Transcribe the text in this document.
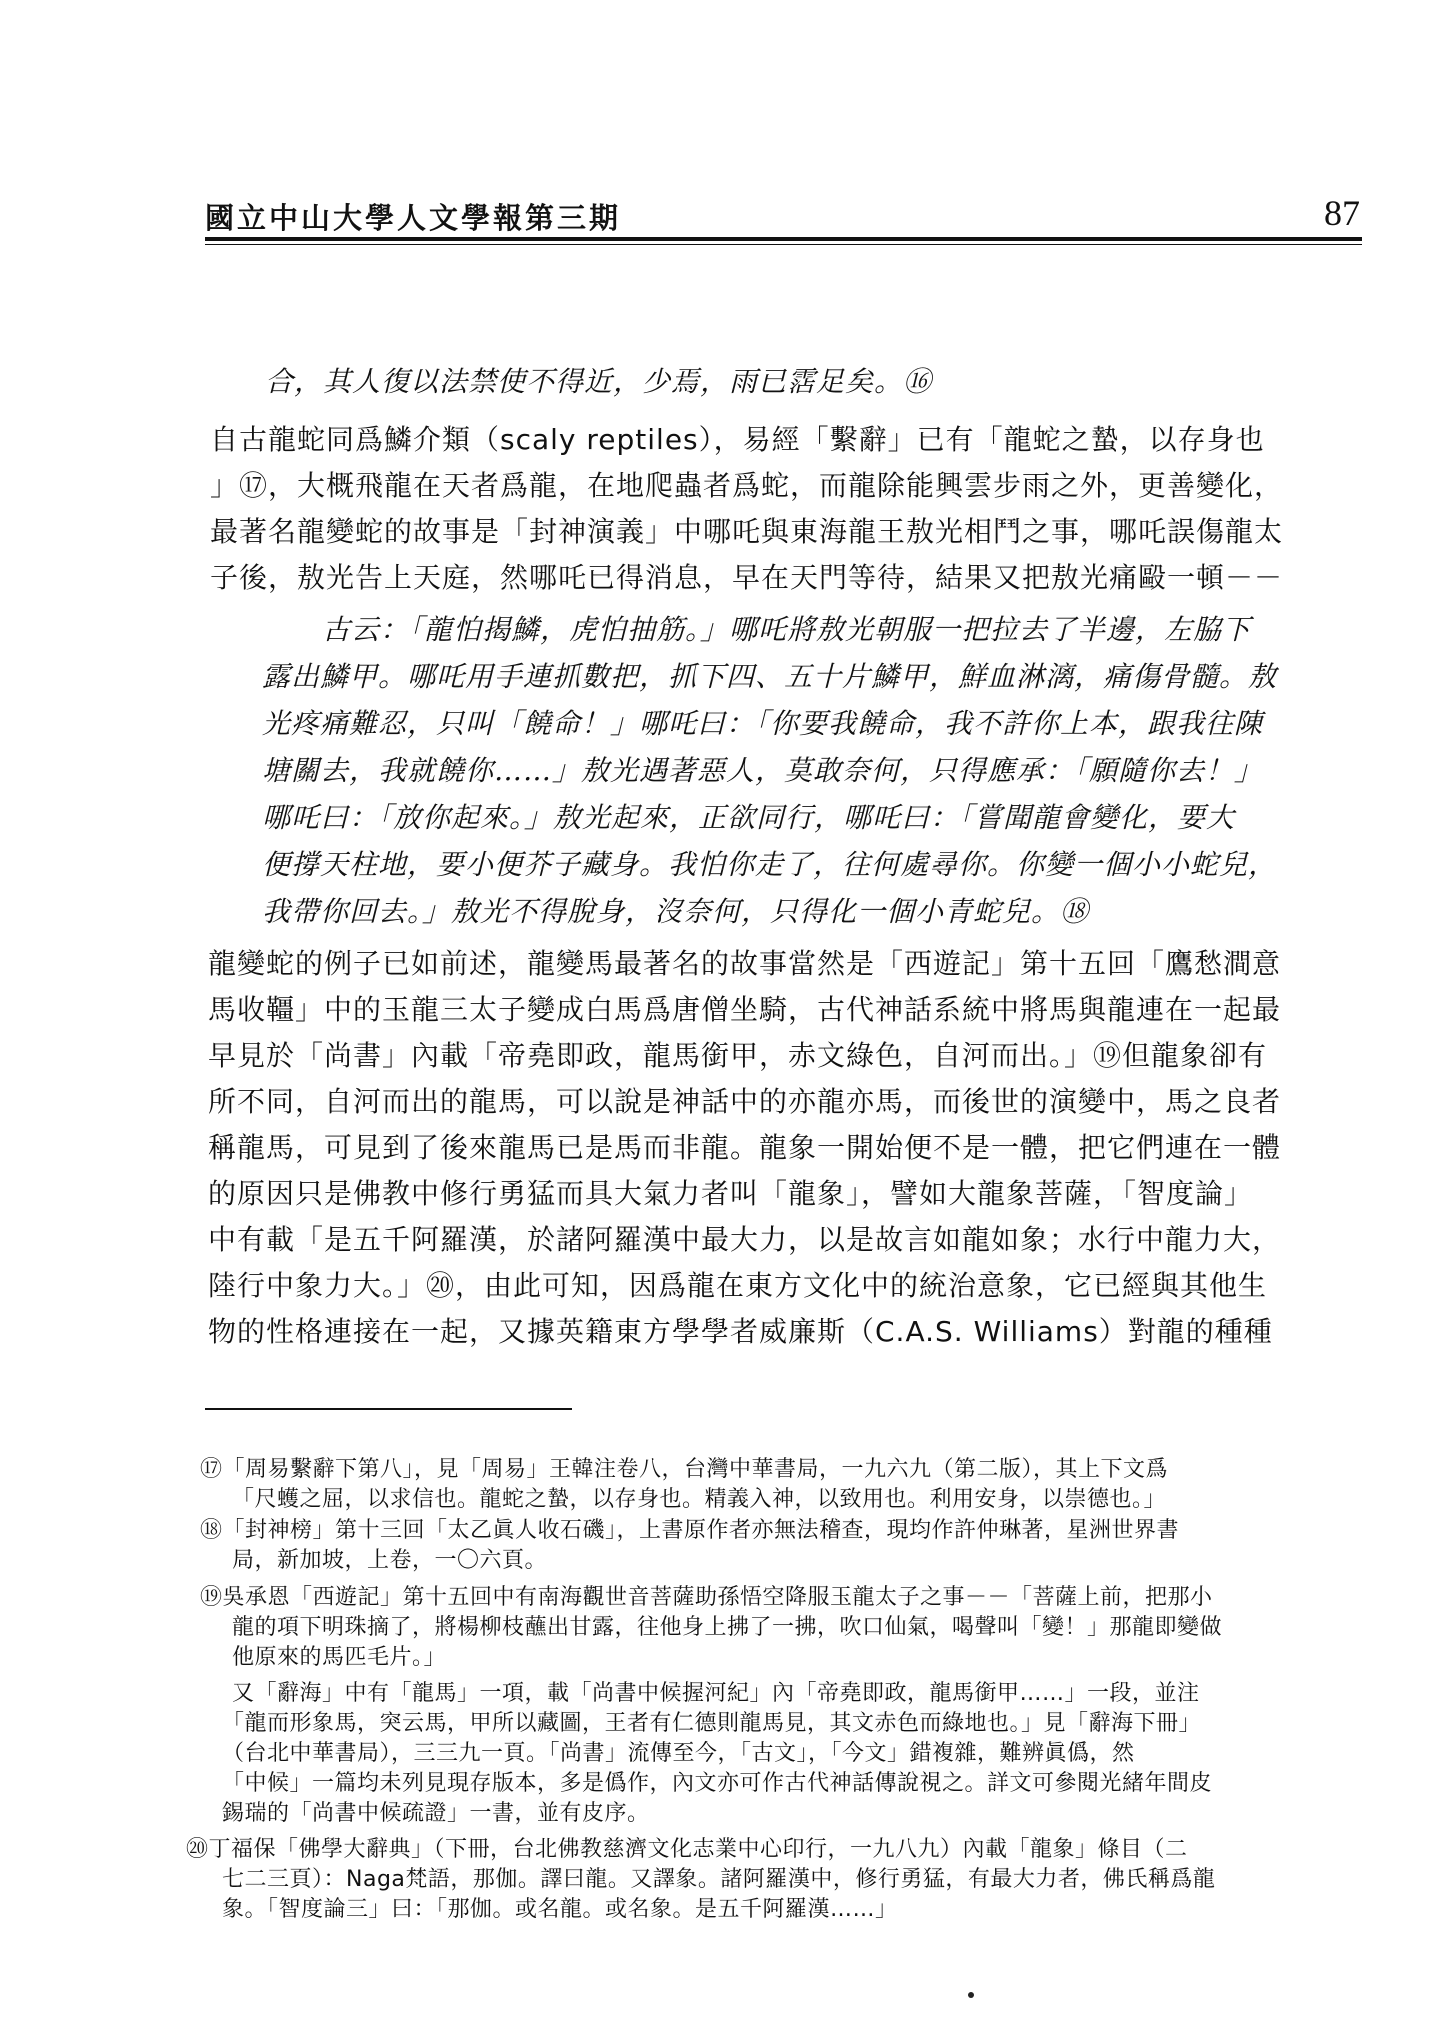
國立中山大學人文學報第三期	87
合，其人復以法禁使不得近，少焉，雨已霑足矣。⑯
自古龍蛇同爲鱗介類（scaly reptiles），易經「繫辭」已有「龍蛇之蟄，以存身也
」⑰，大概飛龍在天者爲龍，在地爬蟲者爲蛇，而龍除能興雲步雨之外，更善變化，
最著名龍變蛇的故事是「封神演義」中哪吒與東海龍王敖光相鬥之事，哪吒誤傷龍太
子後，敖光告上天庭，然哪吒已得消息，早在天門等待，結果又把敖光痛毆一頓－－
古云：「龍怕揭鱗，虎怕抽筋。」哪吒將敖光朝服一把拉去了半邊，左脇下
露出鱗甲。哪吒用手連抓數把，抓下四、五十片鱗甲，鮮血淋漓，痛傷骨髓。敖
光疼痛難忍，只叫「饒命！」哪吒曰：「你要我饒命，我不許你上本，跟我往陳
塘關去，我就饒你……」敖光遇著惡人，莫敢奈何，只得應承：「願隨你去！」
哪吒曰：「放你起來。」敖光起來，正欲同行，哪吒曰：「嘗聞龍會變化，要大
便撐天柱地，要小便芥子藏身。我怕你走了，往何處尋你。你變一個小小蛇兒，
我帶你回去。」敖光不得脫身，沒奈何，只得化一個小青蛇兒。⑱
龍變蛇的例子已如前述，龍變馬最著名的故事當然是「西遊記」第十五回「鷹愁澗意
馬收韁」中的玉龍三太子變成白馬爲唐僧坐騎，古代神話系統中將馬與龍連在一起最
早見於「尚書」內載「帝堯即政，龍馬銜甲，赤文綠色，自河而出。」⑲但龍象卻有
所不同，自河而出的龍馬，可以說是神話中的亦龍亦馬，而後世的演變中，馬之良者
稱龍馬，可見到了後來龍馬已是馬而非龍。龍象一開始便不是一體，把它們連在一體
的原因只是佛教中修行勇猛而具大氣力者叫「龍象」，譬如大龍象菩薩，「智度論」
中有載「是五千阿羅漢，於諸阿羅漢中最大力，以是故言如龍如象；水行中龍力大，
陸行中象力大。」⑳，由此可知，因爲龍在東方文化中的統治意象，它已經與其他生
物的性格連接在一起，又據英籍東方學學者威廉斯（C.A.S. Williams）對龍的種種
⑰「周易繫辭下第八」，見「周易」王韓注卷八，台灣中華書局，一九六九（第二版），其上下文爲
「尺蠖之屈，以求信也。龍蛇之蟄，以存身也。精義入神，以致用也。利用安身，以崇德也。」
⑱「封神榜」第十三回「太乙眞人收石磯」，上書原作者亦無法稽查，現均作許仲琳著，星洲世界書
局，新加坡，上卷，一〇六頁。
⑲吳承恩「西遊記」第十五回中有南海觀世音菩薩助孫悟空降服玉龍太子之事－－「菩薩上前，把那小
龍的項下明珠摘了，將楊柳枝蘸出甘露，往他身上拂了一拂，吹口仙氣，喝聲叫「變！」那龍即變做
他原來的馬匹毛片。」
又「辭海」中有「龍馬」一項，載「尚書中候握河紀」內「帝堯即政，龍馬銜甲……」一段，並注
「龍而形象馬，突云馬，甲所以藏圖，王者有仁德則龍馬見，其文赤色而綠地也。」見「辭海下冊」
（台北中華書局），三三九一頁。「尚書」流傳至今，「古文」，「今文」錯複雜，難辨眞僞，然
「中候」一篇均未列見現存版本，多是僞作，內文亦可作古代神話傳說視之。詳文可參閱光緒年間皮
錫瑞的「尚書中候疏證」一書，並有皮序。
⑳丁福保「佛學大辭典」（下冊，台北佛教慈濟文化志業中心印行，一九八九）內載「龍象」條目（二
七二三頁）：Naga梵語，那伽。譯曰龍。又譯象。諸阿羅漢中，修行勇猛，有最大力者，佛氏稱爲龍
象。「智度論三」曰：「那伽。或名龍。或名象。是五千阿羅漢……」
